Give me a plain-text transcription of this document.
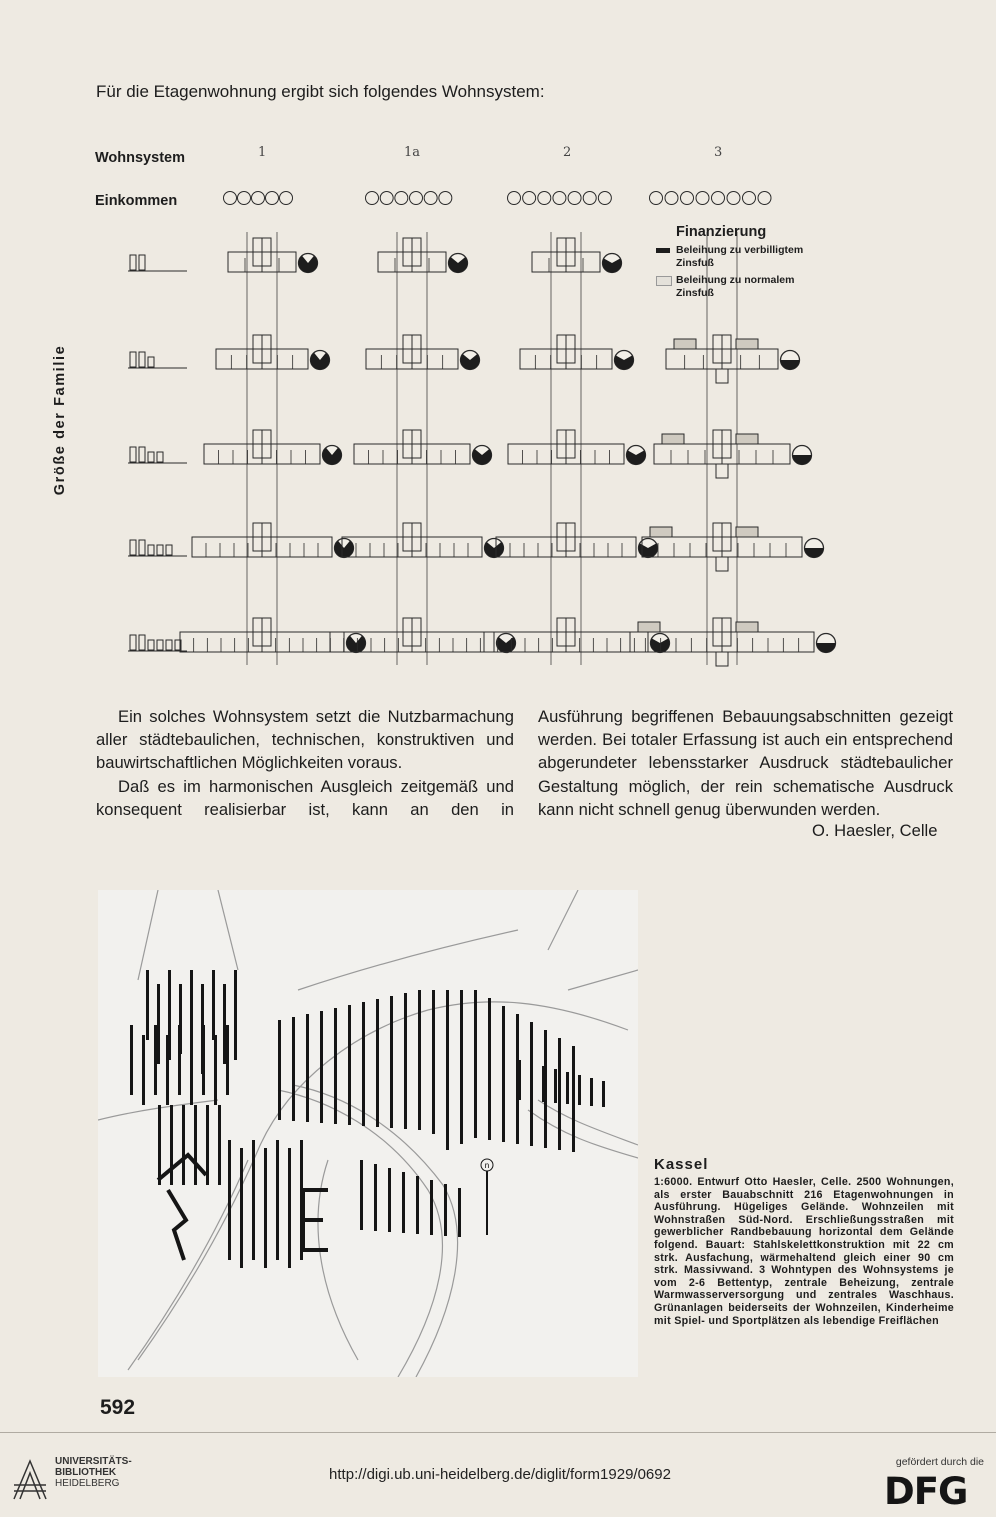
Für die Etagenwohnung ergibt sich folgendes Wohnsystem:
Wohnsystem
Einkommen
1	1a	2	3
Größe der Familie
Finanzierung
Beleihung zu verbilligtem Zinsfuß
Beleihung zu normalem Zinsfuß

Ein solches Wohnsystem setzt die Nutzbarmachung aller städtebaulichen, technischen, konstruktiven und bauwirtschaftlichen Möglichkeiten voraus.

Daß es im harmonischen Ausgleich zeitgemäß und konsequent realisierbar ist, kann an den in

Ausführung begriffenen Bebauungsabschnitten gezeigt werden. Bei totaler Erfassung ist auch ein entsprechend abgerundeter lebensstarker Ausdruck städtebaulicher Gestaltung möglich, der rein schematische Ausdruck kann nicht schnell genug überwunden werden.

O. Haesler, Celle
n	Kassel
1:6000. Entwurf Otto Haesler, Celle. 2500 Wohnungen, als erster Bauabschnitt 216 Etagenwohnungen in Ausführung. Hügeliges Gelände. Wohnzeilen mit Wohnstraßen Süd-Nord. Erschließungsstraßen mit gewerblicher Randbebauung horizontal dem Gelände folgend. Bauart: Stahlskelettkonstruktion mit 22 cm strk. Ausfachung, wärmehaltend gleich einer 90 cm strk. Massivwand. 3 Wohntypen des Wohnsystems je vom 2-6 Bettentyp, zentrale Beheizung, zentrale Warmwasserversorgung und zentrales Waschhaus. Grünanlagen beiderseits der Wohnzeilen, Kinderheime mit Spiel- und Sportplätzen als lebendige Freiflächen
592
UNIVERSITÄTS-
BIBLIOTHEK
HEIDELBERG
http://digi.ub.uni-heidelberg.de/diglit/form1929/0692
gefördert durch die
DFG
